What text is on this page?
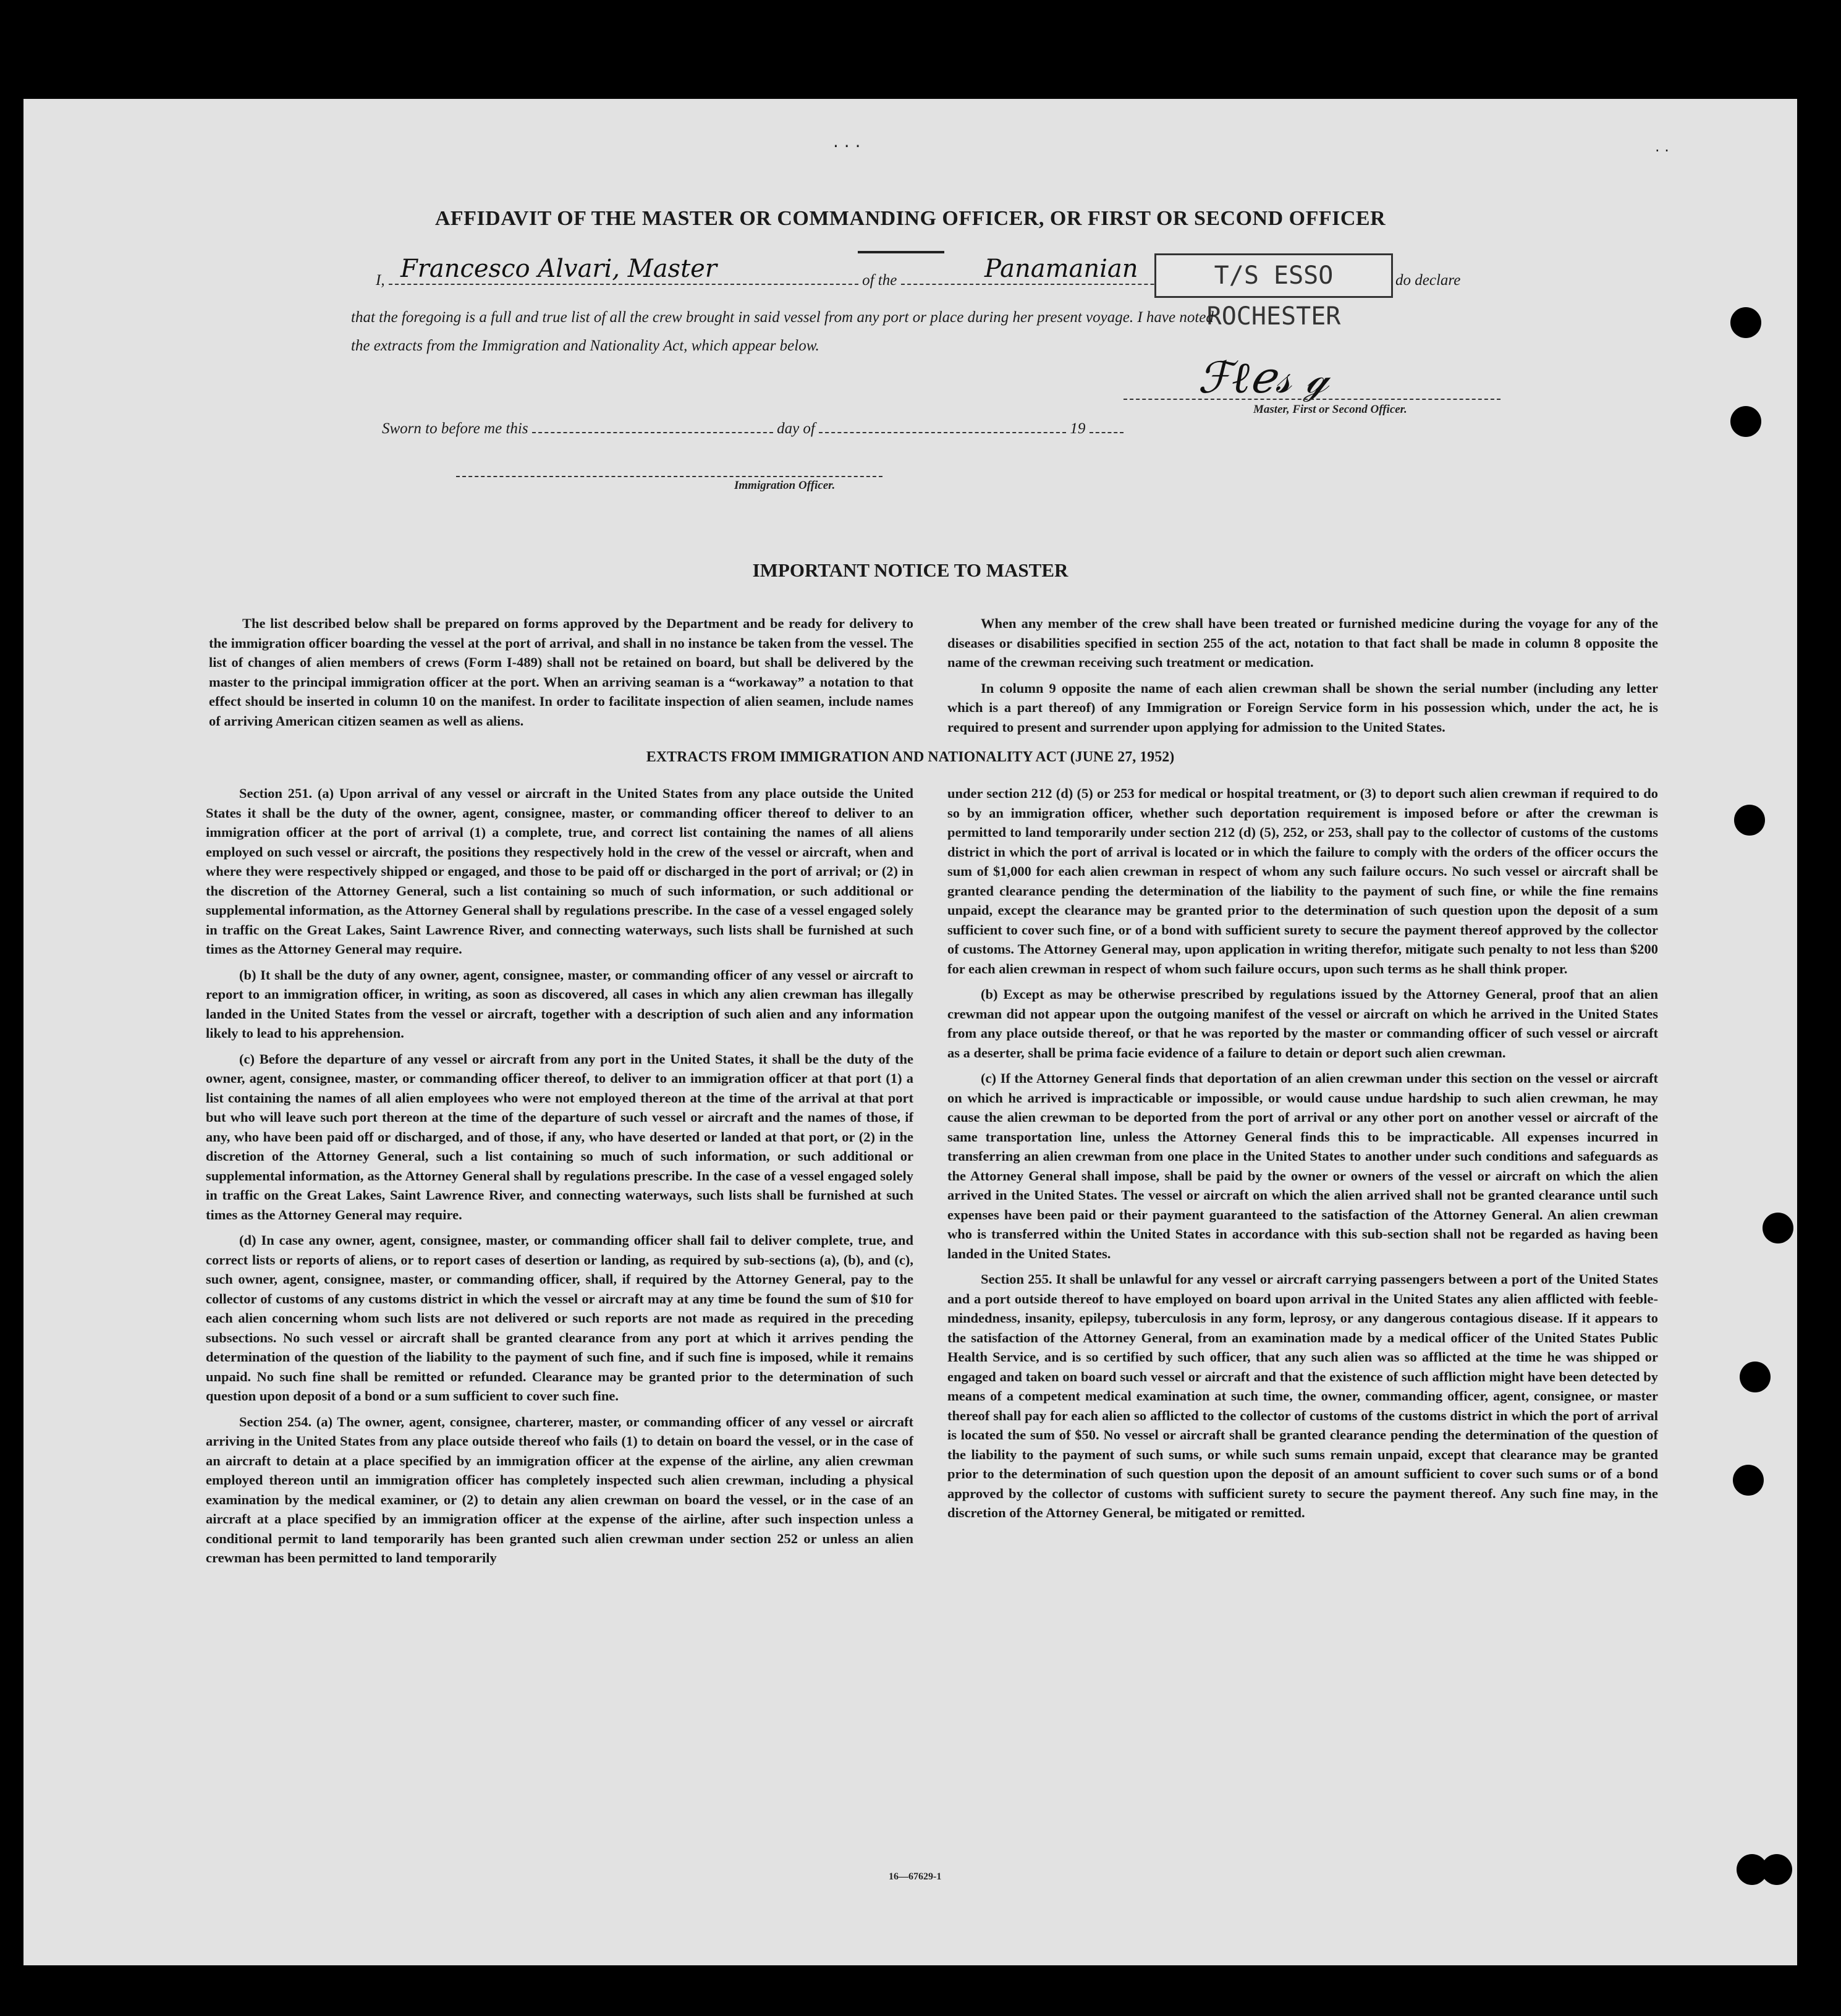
· · ·	· ·
AFFIDAVIT OF THE MASTER OR COMMANDING OFFICER, OR FIRST OR SECOND OFFICER
I,	of the
Francesco Alvari, Master	Panamanian	T/S ESSO ROCHESTER
do declare
that the foregoing is a full and true list of all the crew brought in said vessel from any port or place during her present voyage. I have noted
the extracts from the Immigration and Nationality Act, which appear below.
ℱℓℯ𝓈 ℊ
Master, First or Second Officer.
Sworn to before me this	day of	19
Immigration Officer.
IMPORTANT NOTICE TO MASTER

The list described below shall be prepared on forms approved by the Department and be ready for delivery to the immigration officer boarding the vessel at the port of arrival, and shall in no instance be taken from the vessel. The list of changes of alien members of crews (Form I-489) shall not be retained on board, but shall be delivered by the master to the principal immigration officer at the port. When an arriving seaman is a “workaway” a notation to that effect should be inserted in column 10 on the manifest. In order to facilitate inspection of alien seamen, include names of arriving American citizen seamen as well as aliens.

When any member of the crew shall have been treated or furnished medicine during the voyage for any of the diseases or disabilities specified in section 255 of the act, notation to that fact shall be made in column 8 opposite the name of the crewman receiving such treatment or medication.

In column 9 opposite the name of each alien crewman shall be shown the serial number (including any letter which is a part thereof) of any Immigration or Foreign Service form in his possession which, under the act, he is required to present and surrender upon applying for admission to the United States.

EXTRACTS FROM IMMIGRATION AND NATIONALITY ACT (JUNE 27, 1952)

Section 251. (a) Upon arrival of any vessel or aircraft in the United States from any place outside the United States it shall be the duty of the owner, agent, consignee, master, or commanding officer thereof to deliver to an immigration officer at the port of arrival (1) a complete, true, and correct list containing the names of all aliens employed on such vessel or aircraft, the positions they respectively hold in the crew of the vessel or aircraft, when and where they were respectively shipped or engaged, and those to be paid off or discharged in the port of arrival; or (2) in the discretion of the Attorney General, such a list containing so much of such information, or such additional or supplemental information, as the Attorney General shall by regulations prescribe. In the case of a vessel engaged solely in traffic on the Great Lakes, Saint Lawrence River, and connecting waterways, such lists shall be furnished at such times as the Attorney General may require.

(b) It shall be the duty of any owner, agent, consignee, master, or commanding officer of any vessel or aircraft to report to an immigration officer, in writing, as soon as discovered, all cases in which any alien crewman has illegally landed in the United States from the vessel or aircraft, together with a description of such alien and any information likely to lead to his apprehension.

(c) Before the departure of any vessel or aircraft from any port in the United States, it shall be the duty of the owner, agent, consignee, master, or commanding officer thereof, to deliver to an immigration officer at that port (1) a list containing the names of all alien employees who were not employed thereon at the time of the arrival at that port but who will leave such port thereon at the time of the departure of such vessel or aircraft and the names of those, if any, who have been paid off or discharged, and of those, if any, who have deserted or landed at that port, or (2) in the discretion of the Attorney General, such a list containing so much of such information, or such additional or supplemental information, as the Attorney General shall by regulations prescribe. In the case of a vessel engaged solely in traffic on the Great Lakes, Saint Lawrence River, and connecting waterways, such lists shall be furnished at such times as the Attorney General may require.

(d) In case any owner, agent, consignee, master, or commanding officer shall fail to deliver complete, true, and correct lists or reports of aliens, or to report cases of desertion or landing, as required by sub-sections (a), (b), and (c), such owner, agent, consignee, master, or commanding officer, shall, if required by the Attorney General, pay to the collector of customs of any customs district in which the vessel or aircraft may at any time be found the sum of $10 for each alien concerning whom such lists are not delivered or such reports are not made as required in the preceding subsections. No such vessel or aircraft shall be granted clearance from any port at which it arrives pending the determination of the question of the liability to the payment of such fine, and if such fine is imposed, while it remains unpaid. No such fine shall be remitted or refunded. Clearance may be granted prior to the determination of such question upon deposit of a bond or a sum sufficient to cover such fine.

Section 254. (a) The owner, agent, consignee, charterer, master, or commanding officer of any vessel or aircraft arriving in the United States from any place outside thereof who fails (1) to detain on board the vessel, or in the case of an aircraft to detain at a place specified by an immigration officer at the expense of the airline, any alien crewman employed thereon until an immigration officer has completely inspected such alien crewman, including a physical examination by the medical examiner, or (2) to detain any alien crewman on board the vessel, or in the case of an aircraft at a place specified by an immigration officer at the expense of the airline, after such inspection unless a conditional permit to land temporarily has been granted such alien crewman under section 252 or unless an alien crewman has been permitted to land temporarily

under section 212 (d) (5) or 253 for medical or hospital treatment, or (3) to deport such alien crewman if required to do so by an immigration officer, whether such deportation requirement is imposed before or after the crewman is permitted to land temporarily under section 212 (d) (5), 252, or 253, shall pay to the collector of customs of the customs district in which the port of arrival is located or in which the failure to comply with the orders of the officer occurs the sum of $1,000 for each alien crewman in respect of whom any such failure occurs. No such vessel or aircraft shall be granted clearance pending the determination of the liability to the payment of such fine, or while the fine remains unpaid, except the clearance may be granted prior to the determination of such question upon the deposit of a sum sufficient to cover such fine, or of a bond with sufficient surety to secure the payment thereof approved by the collector of customs. The Attorney General may, upon application in writing therefor, mitigate such penalty to not less than $200 for each alien crewman in respect of whom such failure occurs, upon such terms as he shall think proper.

(b) Except as may be otherwise prescribed by regulations issued by the Attorney General, proof that an alien crewman did not appear upon the outgoing manifest of the vessel or aircraft on which he arrived in the United States from any place outside thereof, or that he was reported by the master or commanding officer of such vessel or aircraft as a deserter, shall be prima facie evidence of a failure to detain or deport such alien crewman.

(c) If the Attorney General finds that deportation of an alien crewman under this section on the vessel or aircraft on which he arrived is impracticable or impossible, or would cause undue hardship to such alien crewman, he may cause the alien crewman to be deported from the port of arrival or any other port on another vessel or aircraft of the same transportation line, unless the Attorney General finds this to be impracticable. All expenses incurred in transferring an alien crewman from one place in the United States to another under such conditions and safeguards as the Attorney General shall impose, shall be paid by the owner or owners of the vessel or aircraft on which the alien arrived in the United States. The vessel or aircraft on which the alien arrived shall not be granted clearance until such expenses have been paid or their payment guaranteed to the satisfaction of the Attorney General. An alien crewman who is transferred within the United States in accordance with this sub-section shall not be regarded as having been landed in the United States.

Section 255. It shall be unlawful for any vessel or aircraft carrying passengers between a port of the United States and a port outside thereof to have employed on board upon arrival in the United States any alien afflicted with feeble-mindedness, insanity, epilepsy, tuberculosis in any form, leprosy, or any dangerous contagious disease. If it appears to the satisfaction of the Attorney General, from an examination made by a medical officer of the United States Public Health Service, and is so certified by such officer, that any such alien was so afflicted at the time he was shipped or engaged and taken on board such vessel or aircraft and that the existence of such affliction might have been detected by means of a competent medical examination at such time, the owner, commanding officer, agent, consignee, or master thereof shall pay for each alien so afflicted to the collector of customs of the customs district in which the port of arrival is located the sum of $50. No vessel or aircraft shall be granted clearance pending the determination of the question of the liability to the payment of such sums, or while such sums remain unpaid, except that clearance may be granted prior to the determination of such question upon the deposit of an amount sufficient to cover such sums or of a bond approved by the collector of customs with sufficient surety to secure the payment thereof. Any such fine may, in the discretion of the Attorney General, be mitigated or remitted.

16—67629-1
